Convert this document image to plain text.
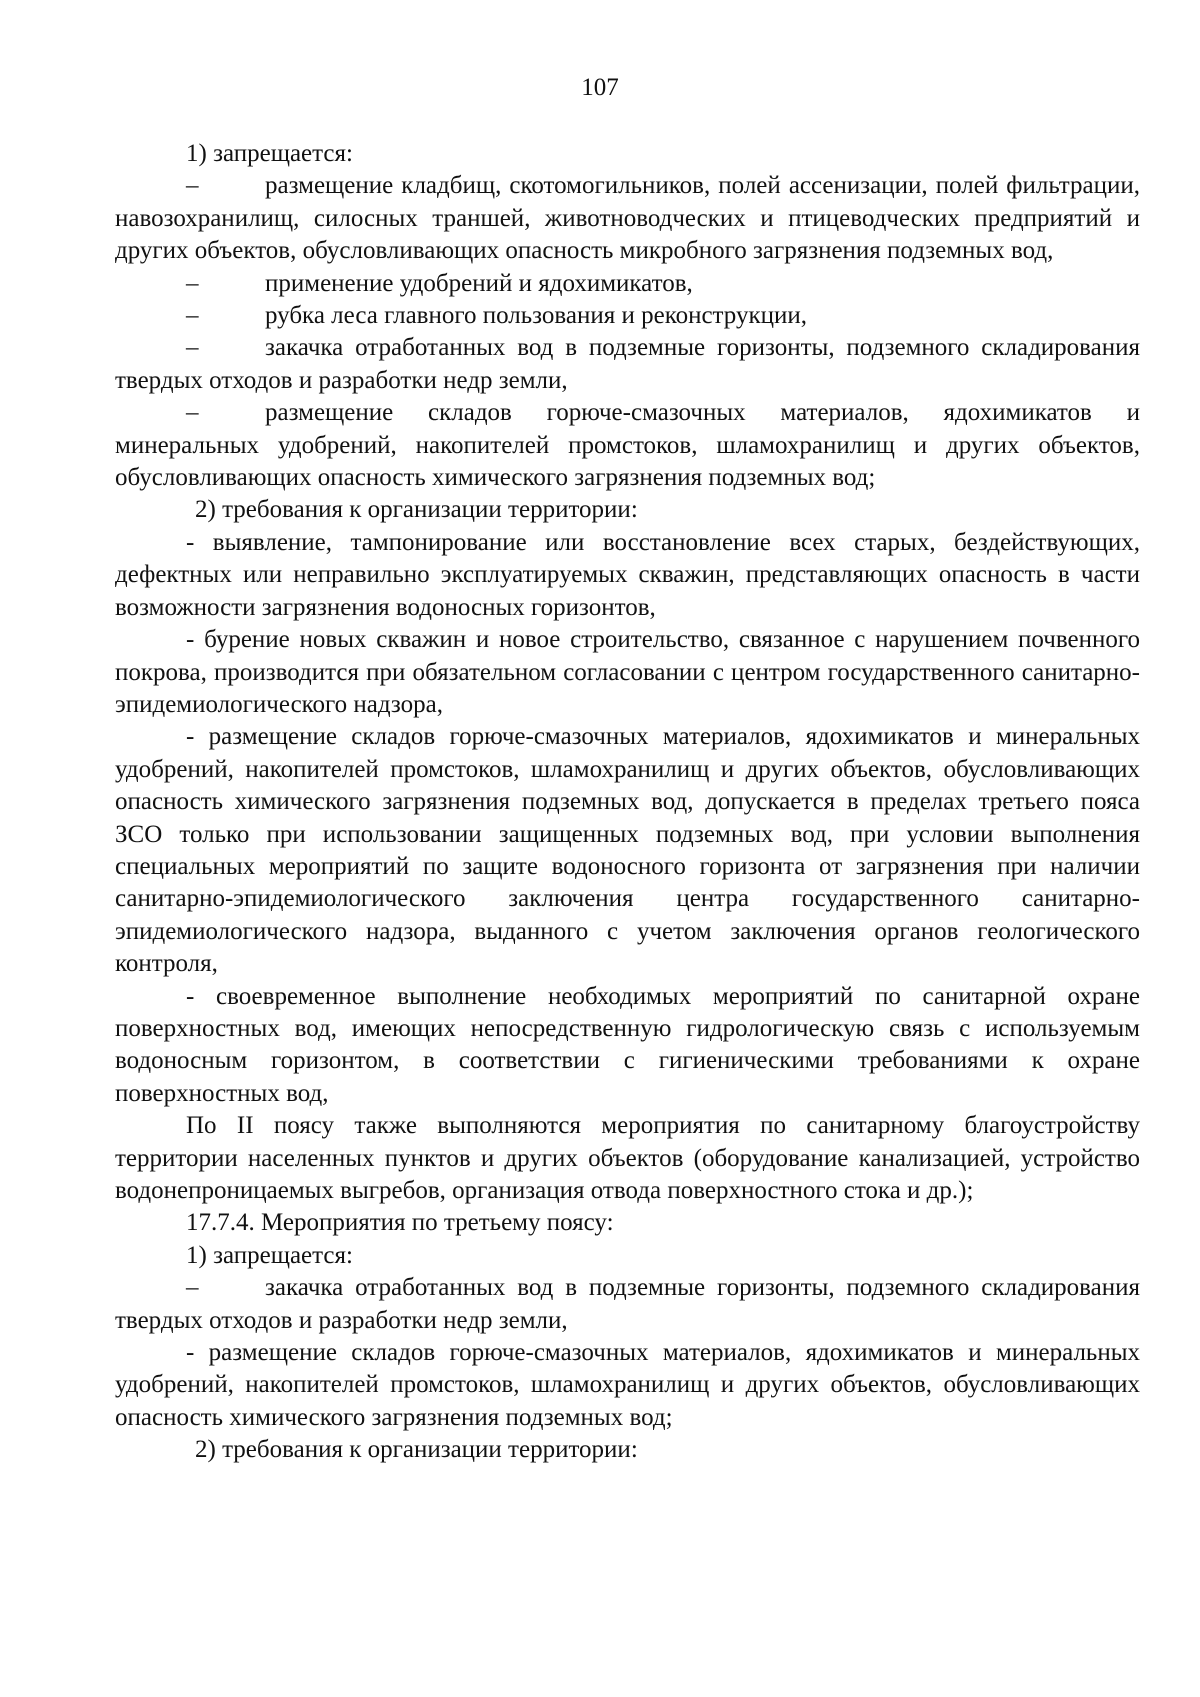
107

1) запрещается:

–	размещение кладбищ, скотомогильников, полей ассенизации, полей фильтрации, навозохранилищ, силосных траншей, животноводческих и птицеводческих предприятий и других объектов, обусловливающих опасность микробного загрязнения подземных вод,

–	применение удобрений и ядохимикатов,

–	рубка леса главного пользования и реконструкции,

–	закачка отработанных вод в подземные горизонты, подземного складирования твердых отходов и разработки недр земли,

–	размещение складов горюче-смазочных материалов, ядохимикатов и минеральных удобрений, накопителей промстоков, шламохранилищ и других объектов, обусловливающих опасность химического загрязнения подземных вод;

2) требования к организации территории:

- выявление, тампонирование или восстановление всех старых, бездействующих, дефектных или неправильно эксплуатируемых скважин, представляющих опасность в части возможности загрязнения водоносных горизонтов,

- бурение новых скважин и новое строительство, связанное с нарушением почвенного покрова, производится при обязательном согласовании с центром государственного санитарно-эпидемиологического надзора,

- размещение складов горюче-смазочных материалов, ядохимикатов и минеральных удобрений, накопителей промстоков, шламохранилищ и других объектов, обусловливающих опасность химического загрязнения подземных вод, допускается в пределах третьего пояса ЗСО только при использовании защищенных подземных вод, при условии выполнения специальных мероприятий по защите водоносного горизонта от загрязнения при наличии санитарно-эпидемиологического заключения центра государственного санитарно-эпидемиологического надзора, выданного с учетом заключения органов геологического контроля,

- своевременное выполнение необходимых мероприятий по санитарной охране поверхностных вод, имеющих непосредственную гидрологическую связь с используемым водоносным горизонтом, в соответствии с гигиеническими требованиями к охране поверхностных вод,

По II поясу также выполняются мероприятия по санитарному благоустройству территории населенных пунктов и других объектов (оборудование канализацией, устройство водонепроницаемых выгребов, организация отвода поверхностного стока и др.);

17.7.4. Мероприятия по третьему поясу:

1) запрещается:

–	закачка отработанных вод в подземные горизонты, подземного складирования твердых отходов и разработки недр земли,

- размещение складов горюче-смазочных материалов, ядохимикатов и минеральных удобрений, накопителей промстоков, шламохранилищ и других объектов, обусловливающих опасность химического загрязнения подземных вод;

2) требования к организации территории:
